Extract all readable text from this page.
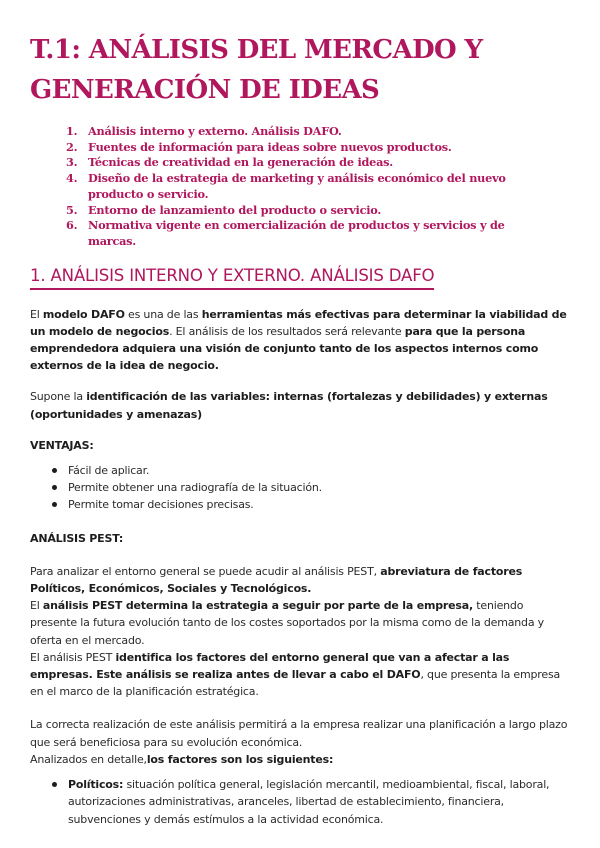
T.1: ANÁLISIS DEL MERCADO Y GENERACIÓN DE IDEAS
1. Análisis interno y externo. Análisis DAFO.
2. Fuentes de información para ideas sobre nuevos productos.
3. Técnicas de creatividad en la generación de ideas.
4. Diseño de la estrategia de marketing y análisis económico del nuevo producto o servicio.
5. Entorno de lanzamiento del producto o servicio.
6. Normativa vigente en comercialización de productos y servicios y de marcas.
1. ANÁLISIS INTERNO Y EXTERNO. ANÁLISIS DAFO

El modelo DAFO es una de las herramientas más efectivas para determinar la viabilidad de un modelo de negocios. El análisis de los resultados será relevante para que la persona emprendedora adquiera una visión de conjunto tanto de los aspectos internos como externos de la idea de negocio.

Supone la identificación de las variables: internas (fortalezas y debilidades) y externas (oportunidades y amenazas)

VENTAJAS:

Fácil de aplicar.
Permite obtener una radiografía de la situación.
Permite tomar decisiones precisas.

ANÁLISIS PEST:

Para analizar el entorno general se puede acudir al análisis PEST, abreviatura de factores Políticos, Económicos, Sociales y Tecnológicos.
El análisis PEST determina la estrategia a seguir por parte de la empresa, teniendo presente la futura evolución tanto de los costes soportados por la misma como de la demanda y oferta en el mercado.
El análisis PEST identifica los factores del entorno general que van a afectar a las empresas. Este análisis se realiza antes de llevar a cabo el DAFO, que presenta la empresa en el marco de la planificación estratégica.

La correcta realización de este análisis permitirá a la empresa realizar una planificación a largo plazo que será beneficiosa para su evolución económica.
Analizados en detalle,los factores son los siguientes:

Políticos: situación política general, legislación mercantil, medioambiental, fiscal, laboral, autorizaciones administrativas, aranceles, libertad de establecimiento, financiera, subvenciones y demás estímulos a la actividad económica.
